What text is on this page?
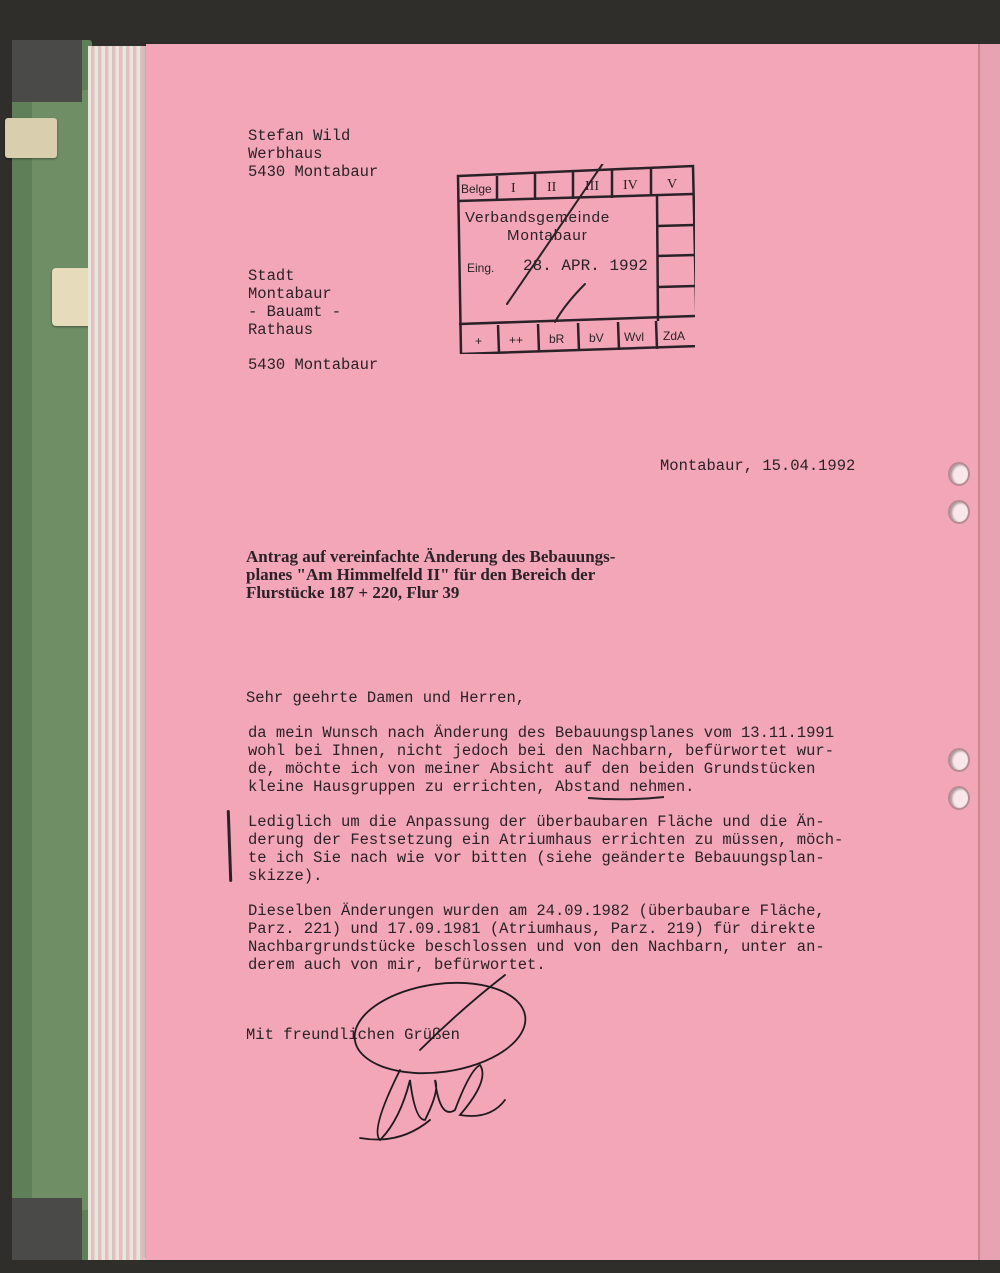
Stefan Wild
Werbhaus
5430 Montabaur
Stadt
Montabaur
- Bauamt -
Rathaus
5430 Montabaur
Belge I II III IV V
Verbandsgemeinde
Montabaur
Eing. 28. APR. 1992
+ ++ bR bV Wvl ZdA
Montabaur, 15.04.1992
Antrag auf vereinfachte Änderung des Bebauungs-
planes "Am Himmelfeld II" für den Bereich der
Flurstücke 187 + 220, Flur 39
Sehr geehrte Damen und Herren,
da mein Wunsch nach Änderung des Bebauungsplanes vom 13.11.1991
wohl bei Ihnen, nicht jedoch bei den Nachbarn, befürwortet wur-
de, möchte ich von meiner Absicht auf den beiden Grundstücken
kleine Hausgruppen zu errichten, Abstand nehmen.
Lediglich um die Anpassung der überbaubaren Fläche und die Än-
derung der Festsetzung ein Atriumhaus errichten zu müssen, möch-
te ich Sie nach wie vor bitten (siehe geänderte Bebauungsplan-
skizze).
Dieselben Änderungen wurden am 24.09.1982 (überbaubare Fläche,
Parz. 221) und 17.09.1981 (Atriumhaus, Parz. 219) für direkte
Nachbargrundstücke beschlossen und von den Nachbarn, unter an-
derem auch von mir, befürwortet.
Mit freundlichen Grüßen
